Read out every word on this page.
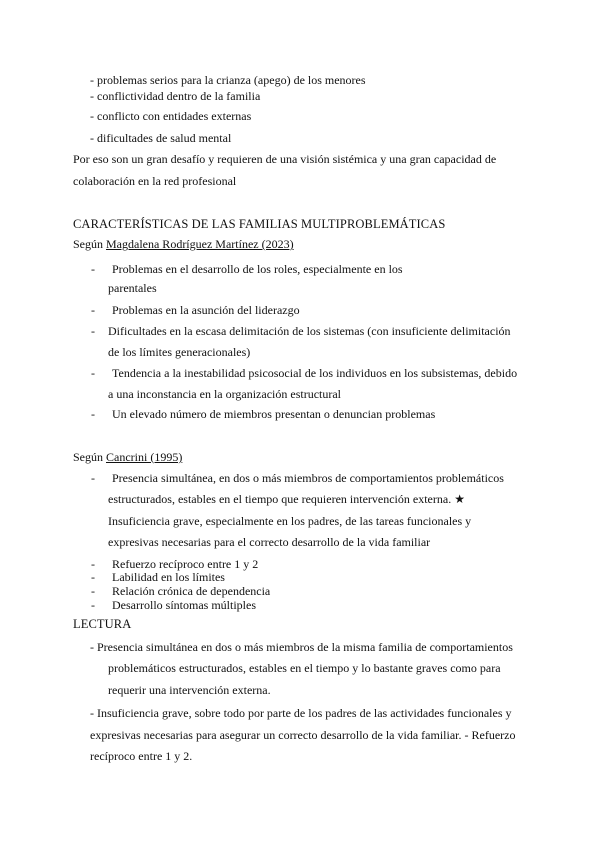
- problemas serios para la crianza (apego) de los menores
- conflictividad dentro de la familia
- conflicto con entidades externas
- dificultades de salud mental
Por eso son un gran desafío y requieren de una visión sistémica y una gran capacidad de
colaboración en la red profesional
CARACTERÍSTICAS DE LAS FAMILIAS MULTIPROBLEMÁTICAS
Según Magdalena Rodríguez Martínez (2023)
- Problemas en el desarrollo de los roles, especialmente en los
parentales
- Problemas en la asunción del liderazgo
- Dificultades en la escasa delimitación de los sistemas (con insuficiente delimitación
de los límites generacionales)
- Tendencia a la inestabilidad psicosocial de los individuos en los subsistemas, debido
a una inconstancia en la organización estructural
- Un elevado número de miembros presentan o denuncian problemas
Según Cancrini (1995)
- Presencia simultánea, en dos o más miembros de comportamientos problemáticos
estructurados, estables en el tiempo que requieren intervención externa. ★
Insuficiencia grave, especialmente en los padres, de las tareas funcionales y
expresivas necesarias para el correcto desarrollo de la vida familiar
- Refuerzo recíproco entre 1 y 2
- Labilidad en los límites
- Relación crónica de dependencia
- Desarrollo síntomas múltiples
LECTURA
- Presencia simultánea en dos o más miembros de la misma familia de comportamientos
problemáticos estructurados, estables en el tiempo y lo bastante graves como para
requerir una intervención externa.
- Insuficiencia grave, sobre todo por parte de los padres de las actividades funcionales y
expresivas necesarias para asegurar un correcto desarrollo de la vida familiar. - Refuerzo
recíproco entre 1 y 2.
